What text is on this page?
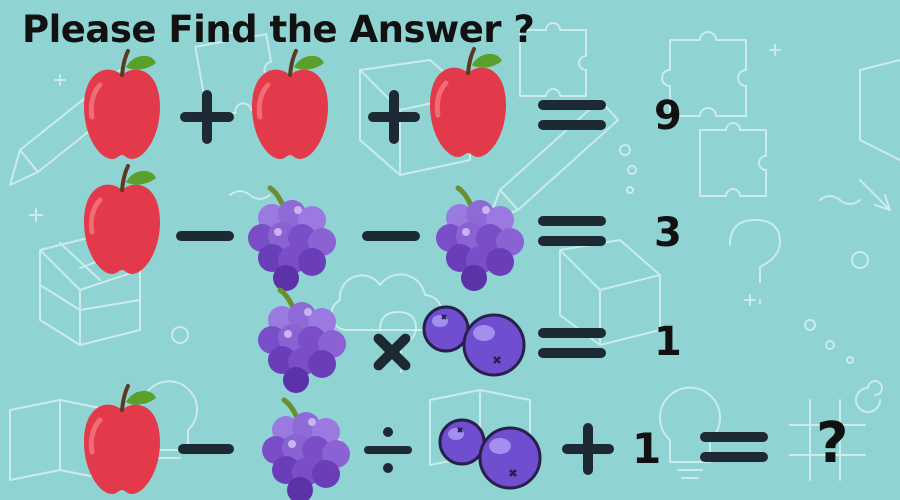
Please Find the Answer ?
9
3
1
1	?
